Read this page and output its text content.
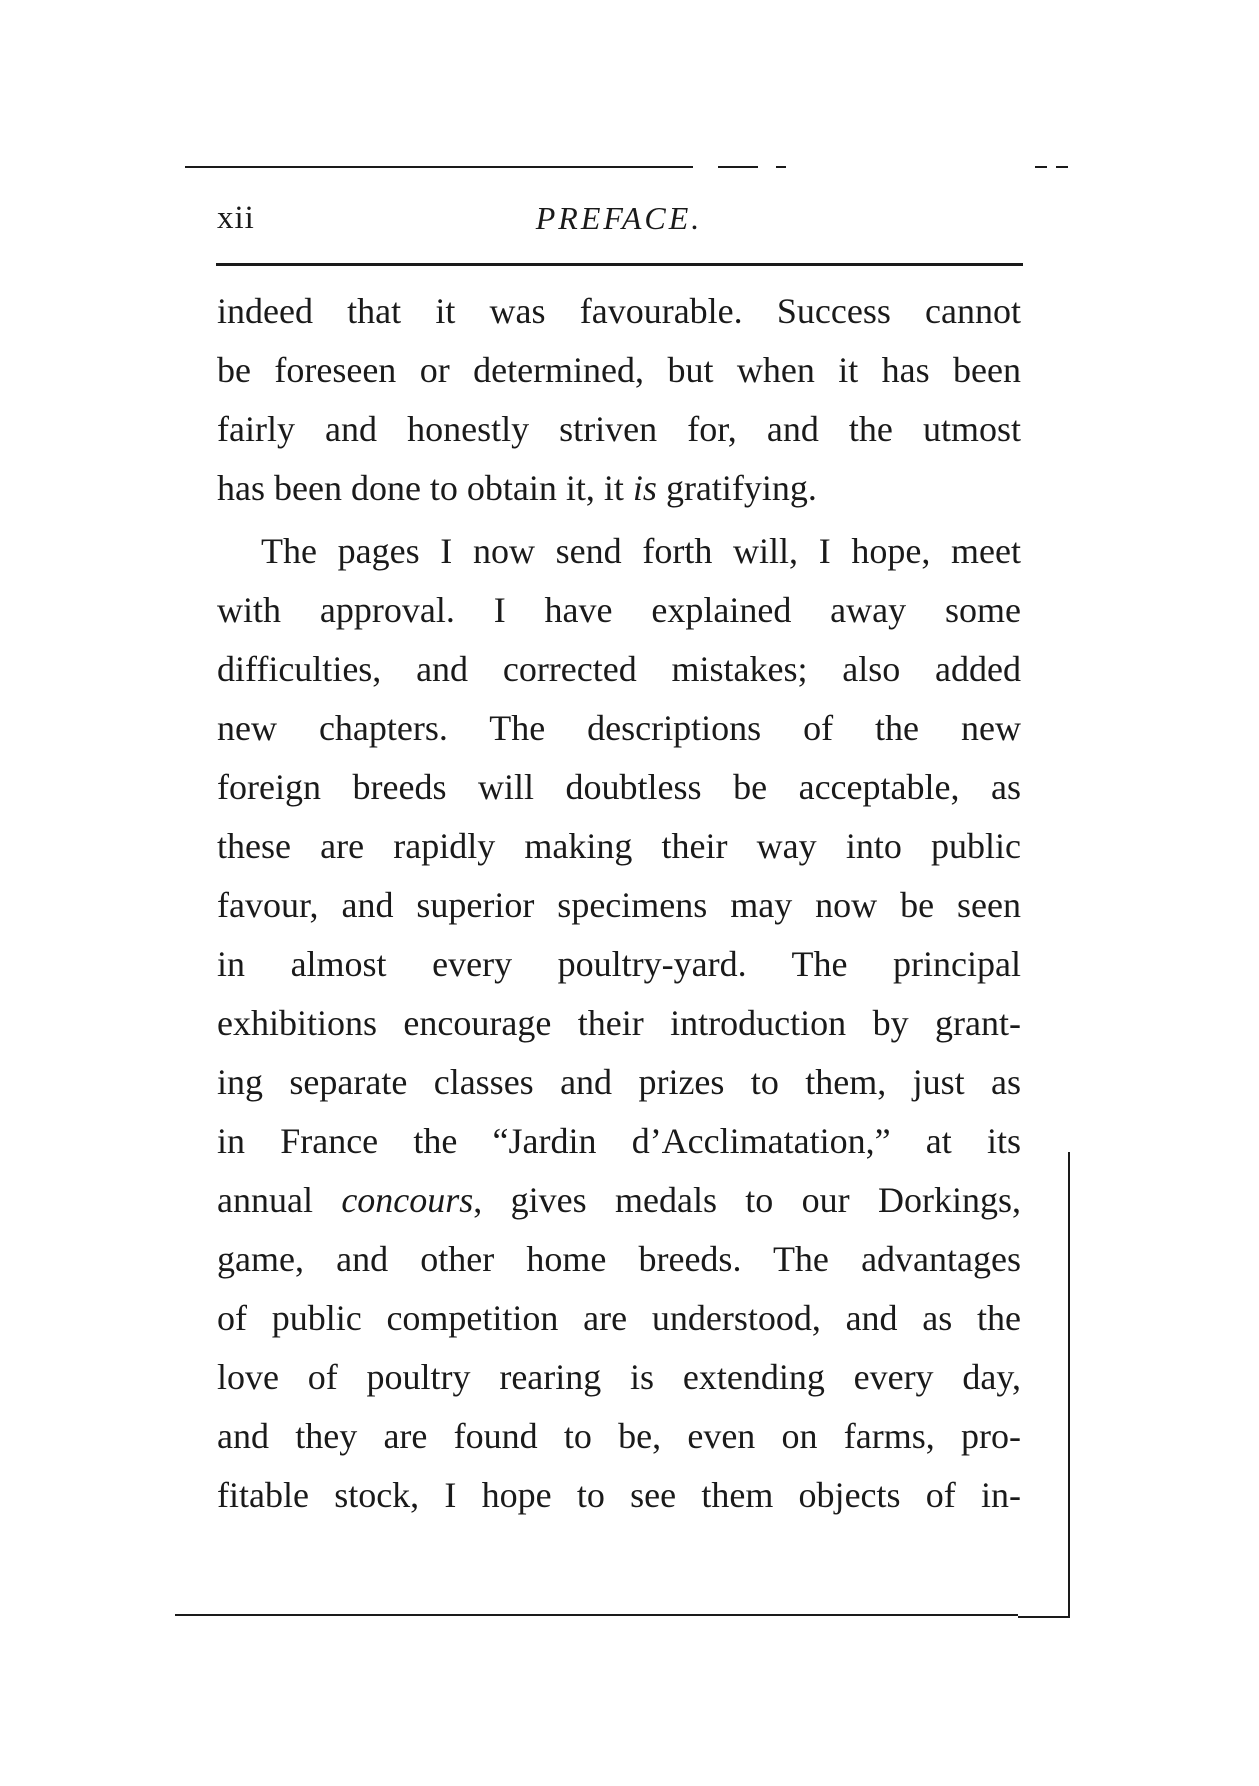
xii	PREFACE.
indeed that it was favourable. Success cannot
be foreseen or determined, but when it has been
fairly and honestly striven for, and the utmost
has been done to obtain it, it is gratifying.
The pages I now send forth will, I hope, meet
with approval. I have explained away some
difficulties, and corrected mistakes; also added
new chapters. The descriptions of the new
foreign breeds will doubtless be acceptable, as
these are rapidly making their way into public
favour, and superior specimens may now be seen
in almost every poultry-yard. The principal
exhibitions encourage their introduction by grant-
ing separate classes and prizes to them, just as
in France the “Jardin d’Acclimatation,” at its
annual concours, gives medals to our Dorkings,
game, and other home breeds. The advantages
of public competition are understood, and as the
love of poultry rearing is extending every day,
and they are found to be, even on farms, pro-
fitable stock, I hope to see them objects of in-
